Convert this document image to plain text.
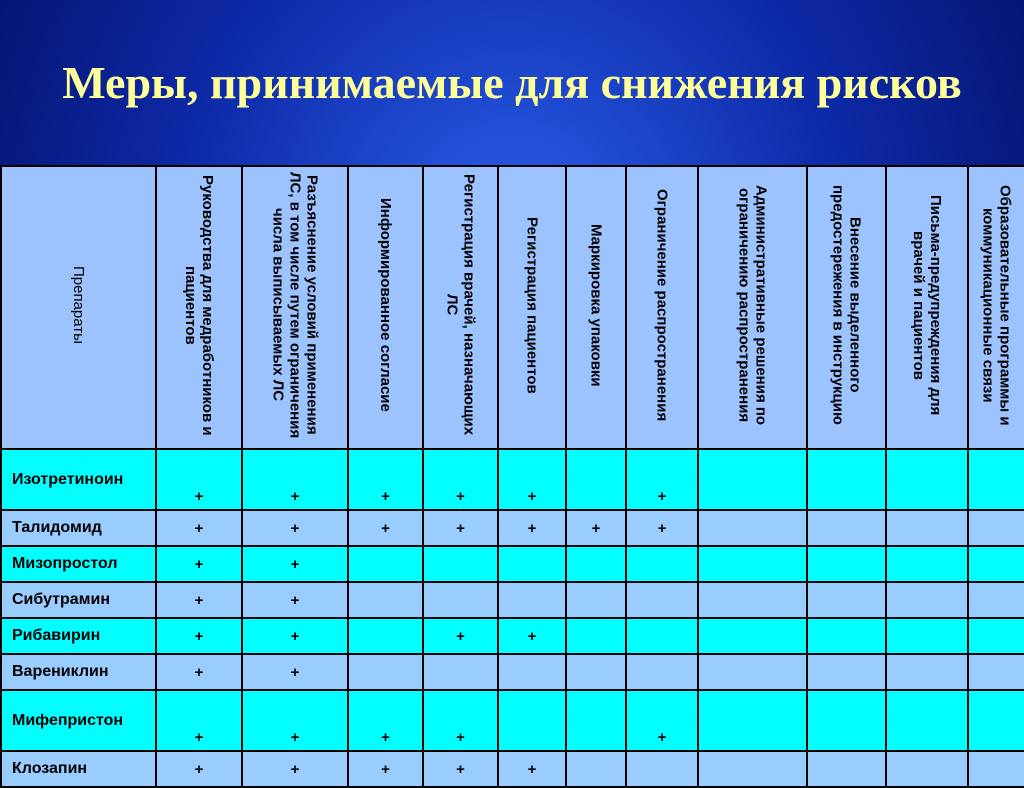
Меры, принимаемые для снижения рисков
Препараты	Руководства для медработников и пациентов	Разъяснение условий применения ЛС, в том числе путем ограничения числа выписываемых ЛС	Информированное согласие	Регистрация врачей, назначающих ЛС	Регистрация пациентов	Маркировка упаковки	Ограничение распространения	Административные решения по ограничению распространения	Внесение выделенного предостережения в инструкцию	Письма-предупреждения для врачей и пациентов	Образовательные программы и коммуникационные связи
Изотретиноин	+	+	+	+	+		+				
Талидомид	+	+	+	+	+	+	+				
Мизопростол	+	+									
Сибутрамин	+	+									
Рибавирин	+	+		+	+						
Варениклин	+	+									
Мифепристон	+	+	+	+			+				
Клозапин	+	+	+	+	+						
